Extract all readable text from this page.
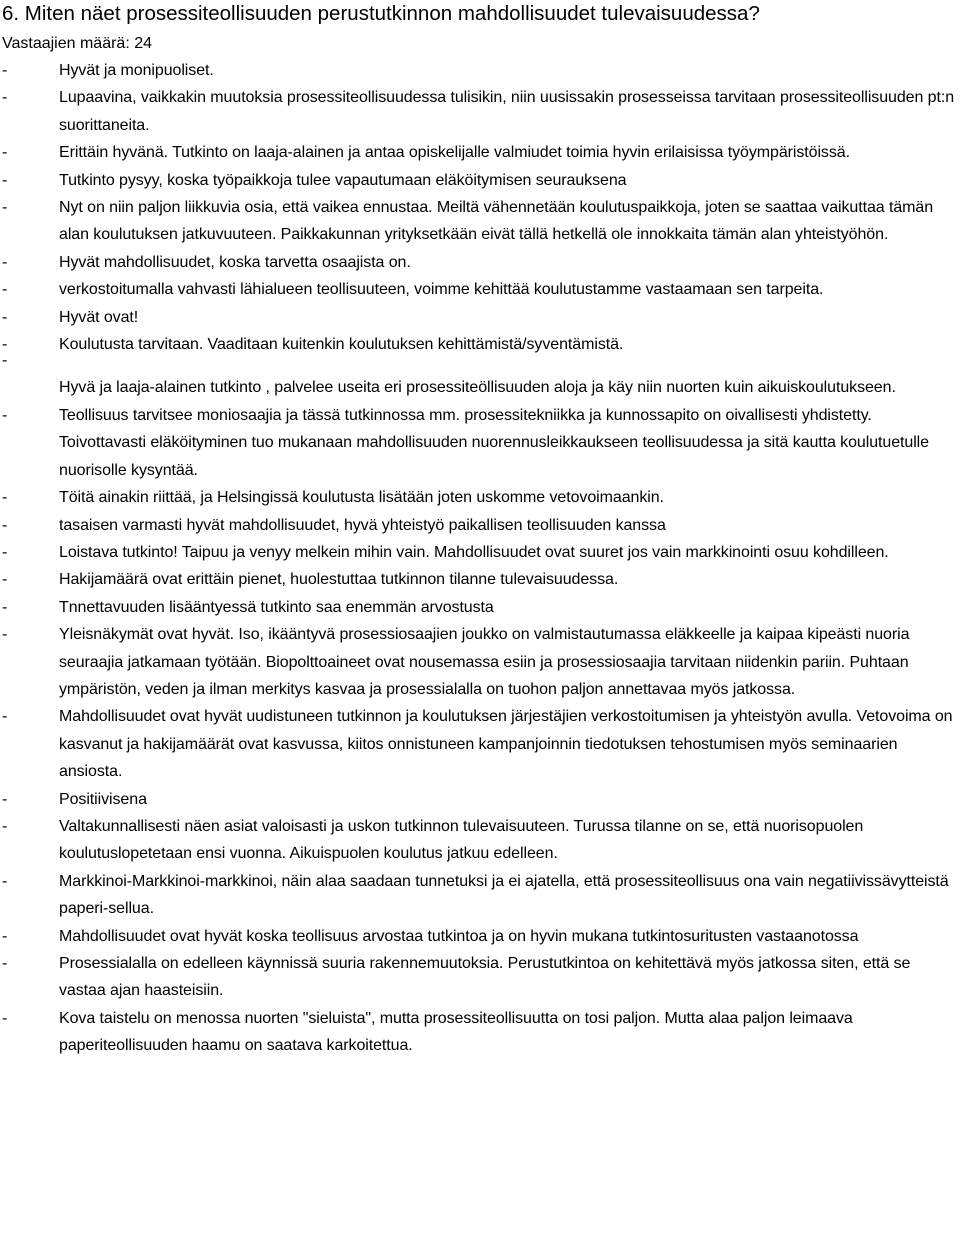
6. Miten näet prosessiteollisuuden perustutkinnon mahdollisuudet tulevaisuudessa?
Vastaajien määrä: 24
-	Hyvät ja monipuoliset.
-	Lupaavina, vaikkakin muutoksia prosessiteollisuudessa tulisikin, niin uusissakin prosesseissa tarvitaan prosessiteollisuuden pt:n suorittaneita.
-	Erittäin hyvänä. Tutkinto on laaja-alainen ja antaa opiskelijalle valmiudet toimia hyvin erilaisissa työympäristöissä.
-	Tutkinto pysyy, koska työpaikkoja tulee vapautumaan eläköitymisen seurauksena
-	Nyt on niin paljon liikkuvia osia, että vaikea ennustaa. Meiltä vähennetään koulutuspaikkoja, joten se saattaa vaikuttaa tämän alan koulutuksen jatkuvuuteen. Paikkakunnan yrityksetkään eivät tällä hetkellä ole innokkaita tämän alan yhteistyöhön.
-	Hyvät mahdollisuudet, koska tarvetta osaajista on.
-	verkostoitumalla vahvasti lähialueen teollisuuteen, voimme kehittää koulutustamme vastaamaan sen tarpeita.
-	Hyvät ovat!
-	Koulutusta tarvitaan. Vaaditaan kuitenkin koulutuksen kehittämistä/syventämistä.
-
Hyvä ja laaja-alainen tutkinto , palvelee useita eri prosessiteöllisuuden aloja ja käy niin nuorten kuin aikuiskoulutukseen.
-	Teollisuus tarvitsee moniosaajia ja tässä tutkinnossa mm. prosessitekniikka ja kunnossapito on oivallisesti yhdistetty. Toivottavasti eläköityminen tuo mukanaan mahdollisuuden nuorennusleikkaukseen teollisuudessa ja sitä kautta koulutuetulle nuorisolle kysyntää.
-	Töitä ainakin riittää, ja Helsingissä koulutusta lisätään joten uskomme vetovoimaankin.
-	tasaisen varmasti hyvät mahdollisuudet, hyvä yhteistyö paikallisen teollisuuden kanssa
-	Loistava tutkinto! Taipuu ja venyy melkein mihin vain. Mahdollisuudet ovat suuret jos vain markkinointi osuu kohdilleen.
-	Hakijamäärä ovat erittäin pienet, huolestuttaa tutkinnon tilanne tulevaisuudessa.
-	Tnnettavuuden lisääntyessä tutkinto saa enemmän arvostusta
-	Yleisnäkymät ovat hyvät. Iso, ikääntyvä prosessiosaajien joukko on valmistautumassa eläkkeelle ja kaipaa kipeästi nuoria seuraajia jatkamaan työtään. Biopolttoaineet ovat nousemassa esiin ja prosessiosaajia tarvitaan niidenkin pariin. Puhtaan ympäristön, veden ja ilman merkitys kasvaa ja prosessialalla on tuohon paljon annettavaa myös jatkossa.
-	Mahdollisuudet ovat hyvät uudistuneen tutkinnon ja koulutuksen järjestäjien verkostoitumisen ja yhteistyön avulla. Vetovoima on kasvanut ja hakijamäärät ovat kasvussa, kiitos onnistuneen kampanjoinnin tiedotuksen tehostumisen myös seminaarien ansiosta.
-	Positiivisena
-	Valtakunnallisesti näen asiat valoisasti ja uskon tutkinnon tulevaisuuteen. Turussa tilanne on se, että nuorisopuolen koulutuslopetetaan ensi vuonna. Aikuispuolen koulutus jatkuu edelleen.
-	Markkinoi-Markkinoi-markkinoi, näin alaa saadaan tunnetuksi ja ei ajatella, että prosessiteollisuus ona vain negatiivissävytteistä paperi-sellua.
-	Mahdollisuudet ovat hyvät koska teollisuus arvostaa tutkintoa ja on hyvin mukana tutkintosuritusten vastaanotossa
-	Prosessialalla on edelleen käynnissä suuria rakennemuutoksia. Perustutkintoa on kehitettävä myös jatkossa siten, että se vastaa ajan haasteisiin.
-	Kova taistelu on menossa nuorten "sieluista", mutta prosessiteollisuutta on tosi paljon. Mutta alaa paljon leimaava paperiteollisuuden haamu on saatava karkoitettua.
